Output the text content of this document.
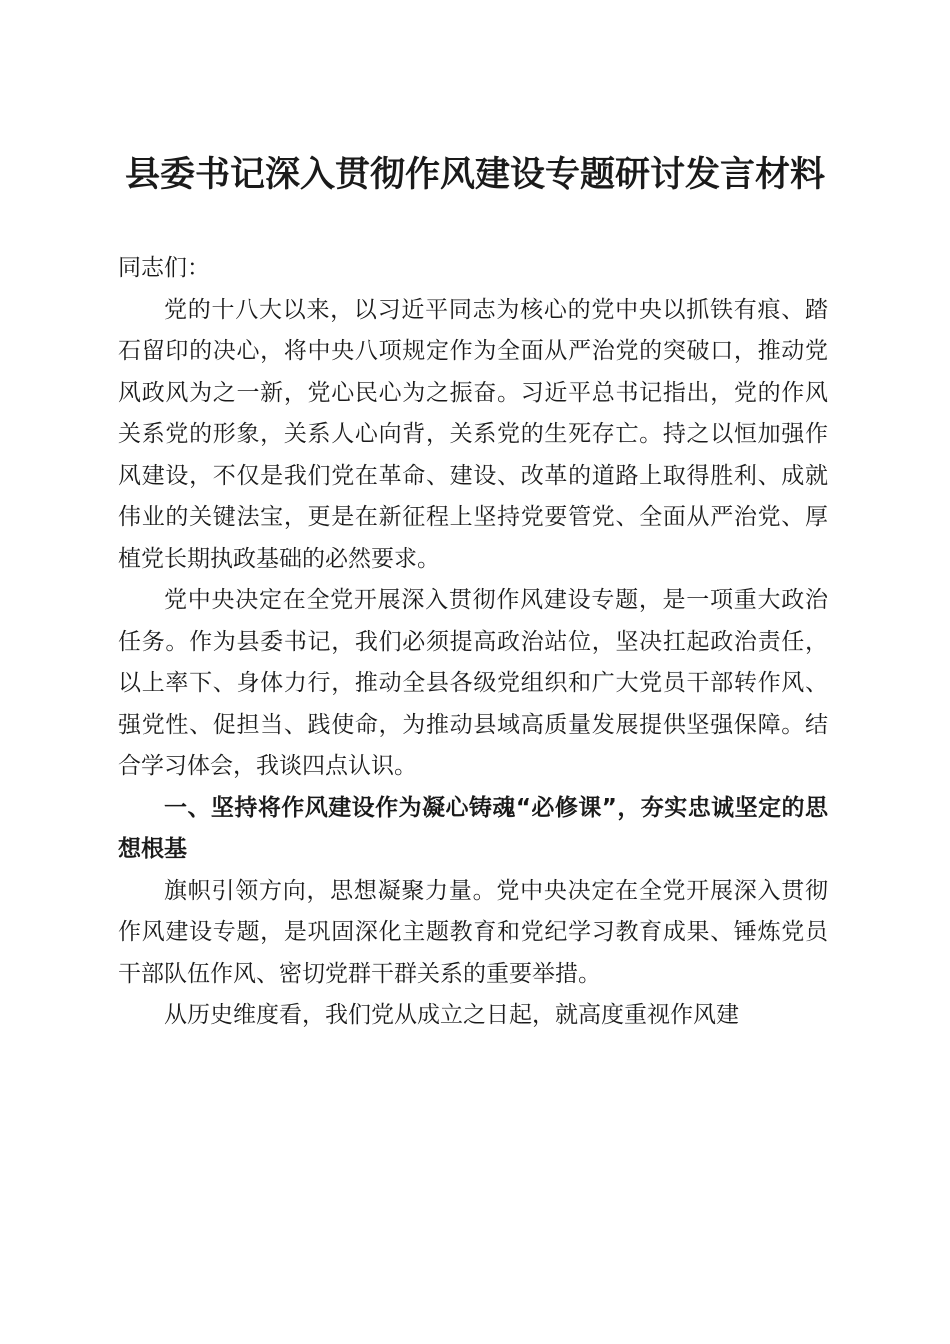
县委书记深入贯彻作风建设专题研讨发言材料

同志们：

党的十八大以来，以习近平同志为核心的党中央以抓铁有痕、踏石留印的决心，将中央八项规定作为全面从严治党的突破口，推动党风政风为之一新，党心民心为之振奋。习近平总书记指出，党的作风关系党的形象，关系人心向背，关系党的生死存亡。持之以恒加强作风建设，不仅是我们党在革命、建设、改革的道路上取得胜利、成就伟业的关键法宝，更是在新征程上坚持党要管党、全面从严治党、厚植党长期执政基础的必然要求。

党中央决定在全党开展深入贯彻作风建设专题，是一项重大政治任务。作为县委书记，我们必须提高政治站位，坚决扛起政治责任，以上率下、身体力行，推动全县各级党组织和广大党员干部转作风、强党性、促担当、践使命，为推动县域高质量发展提供坚强保障。结合学习体会，我谈四点认识。

一、坚持将作风建设作为凝心铸魂“必修课”，夯实忠诚坚定的思想根基

旗帜引领方向，思想凝聚力量。党中央决定在全党开展深入贯彻作风建设专题，是巩固深化主题教育和党纪学习教育成果、锤炼党员干部队伍作风、密切党群干群关系的重要举措。

从历史维度看，我们党从成立之日起，就高度重视作风建
